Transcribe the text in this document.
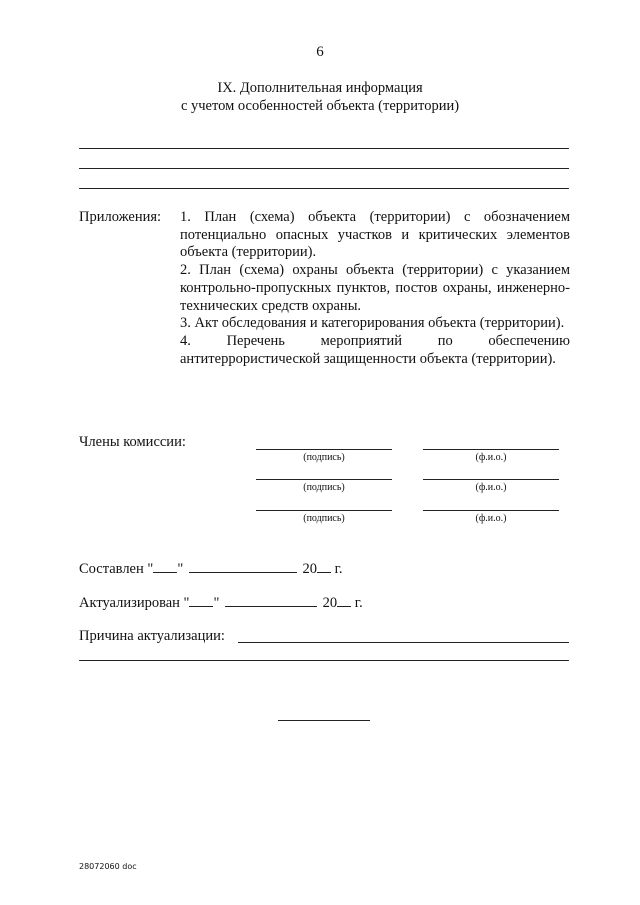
6
IX. Дополнительная информация
с учетом особенностей объекта (территории)
Приложения: 1. План (схема) объекта (территории) с обозначением потенциально опасных участков и критических элементов объекта (территории).
2. План (схема) охраны объекта (территории) с указанием контрольно-пропускных пунктов, постов охраны, инженерно-технических средств охраны.
3. Акт обследования и категорирования объекта (территории).
4. Перечень мероприятий по обеспечению антитеррористической защищенности объекта (территории).
Члены комиссии:
(подпись)	(ф.и.о.)
(подпись)	(ф.и.о.)
(подпись)	(ф.и.о.)
Составлен " "	20 г.
Актуализирован " "	20 г.
Причина актуализации:
28072060 doc
